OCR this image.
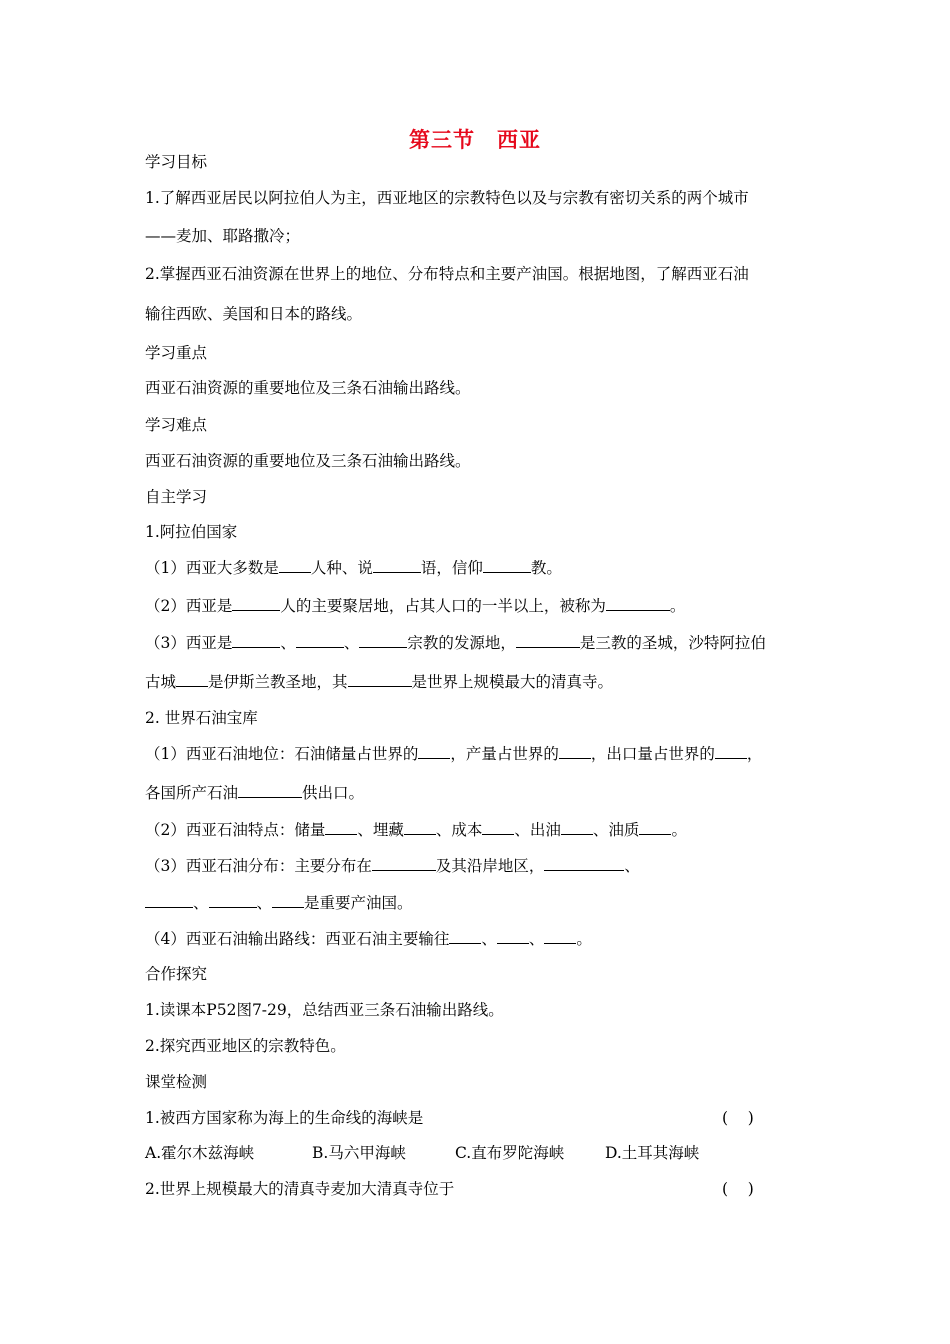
第三节　西亚
学习目标
1.了解西亚居民以阿拉伯人为主，西亚地区的宗教特色以及与宗教有密切关系的两个城市
——麦加、耶路撒冷；
2.掌握西亚石油资源在世界上的地位、分布特点和主要产油国。根据地图，了解西亚石油
输往西欧、美国和日本的路线。
学习重点
西亚石油资源的重要地位及三条石油输出路线。
学习难点
西亚石油资源的重要地位及三条石油输出路线。
自主学习
1.阿拉伯国家
（1）西亚大多数是 人种、说	语，信仰	教。
（2）西亚是	人的主要聚居地，占其人口的一半以上，被称为	。
（3）西亚是	、	、	宗教的发源地，	是三教的圣城，沙特阿拉伯
古城 是伊斯兰教圣地，其	是世界上规模最大的清真寺。
2. 世界石油宝库
（1）西亚石油地位：石油储量占世界的 ，产量占世界的 ，出口量占世界的 ，
各国所产石油	供出口。
（2）西亚石油特点：储量 、埋藏 、成本 、出油 、油质 。
（3）西亚石油分布：主要分布在	及其沿岸地区，	、
、	、 是重要产油国。
（4）西亚石油输出路线：西亚石油主要输往 、 、 。
合作探究
1.读课本P52图7-29，总结西亚三条石油输出路线。
2.探究西亚地区的宗教特色。
课堂检测
1.被西方国家称为海上的生命线的海峡是	(    )
A.霍尔木兹海峡	B.马六甲海峡	C.直布罗陀海峡	D.土耳其海峡
2.世界上规模最大的清真寺麦加大清真寺位于	(    )
